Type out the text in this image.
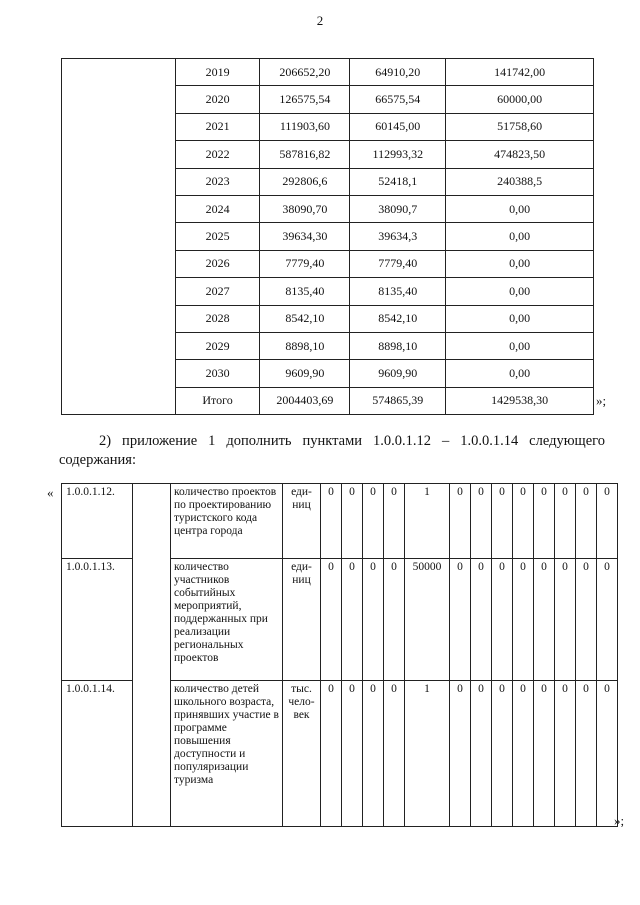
2
	2019	206652,20	64910,20	141742,00
	2020	126575,54	66575,54	60000,00
	2021	111903,60	60145,00	51758,60
	2022	587816,82	112993,32	474823,50
	2023	292806,6	52418,1	240388,5
	2024	38090,70	38090,7	0,00
	2025	39634,30	39634,3	0,00
	2026	7779,40	7779,40	0,00
	2027	8135,40	8135,40	0,00
	2028	8542,10	8542,10	0,00
	2029	8898,10	8898,10	0,00
	2030	9609,90	9609,90	0,00
	Итого	2004403,69	574865,39	1429538,30	»;
2) приложение 1 дополнить пунктами 1.0.0.1.12 – 1.0.0.1.14 следующего содержания:
« 1.0.0.1.12.		количество проектов по проектированию туристского кода центра города	еди-
ниц	0	0	0	0	1	0	0	0	0	0	0	0	0
1.0.0.1.13.		количество участников событийных мероприятий, поддержанных при реализации региональных проектов	еди-
ниц	0	0	0	0	50000	0	0	0	0	0	0	0	0
1.0.0.1.14.		количество детей школьного возраста, принявших участие в программе повышения доступности и популяризации туризма	тыс.
чело-
век	0	0	0	0	1	0	0	0	0	0	0	0	0
»;
